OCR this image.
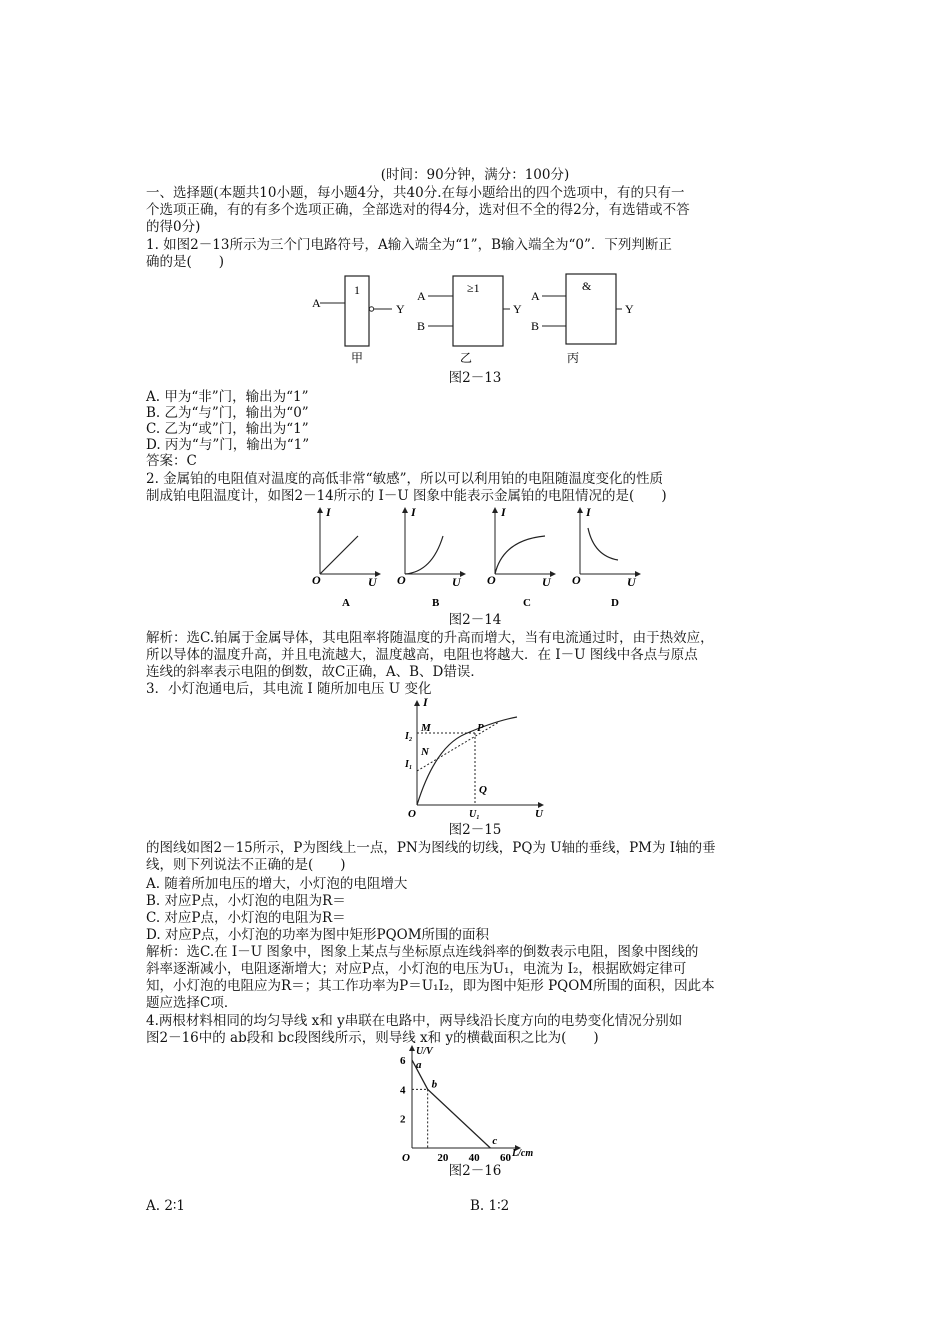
(时间：90分钟，满分：100分)
一、选择题(本题共10小题，每小题4分，共40分.在每小题给出的四个选项中，有的只有一
个选项正确，有的有多个选项正确，全部选对的得4分，选对但不全的得2分，有选错或不答
的得0分)
1. 如图2－13所示为三个门电路符号，A输入端全为“1”，B输入端全为“0”．下列判断正
确的是(　　)
1
A	Y
甲
≥1
A
B
Y
乙
&
A
B
Y
丙
图2－13
A. 甲为“非”门，输出为“1”
B. 乙为“与”门，输出为“0”
C. 乙为“或”门，输出为“1”
D. 丙为“与”门，输出为“1”
答案：C
2. 金属铂的电阻值对温度的高低非常“敏感”，所以可以利用铂的电阻随温度变化的性质
制成铂电阻温度计，如图2－14所示的 I－U 图象中能表示金属铂的电阻情况的是(　　)
I
O	U
A
I
O	U
B
I
O	U
C
I
O	U
D
图2－14
解析：选C.铂属于金属导体，其电阻率将随温度的升高而增大，当有电流通过时，由于热效应，
所以导体的温度升高，并且电流越大，温度越高，电阻也将越大．在 I－U 图线中各点与原点
连线的斜率表示电阻的倒数，故C正确，A、B、D错误．
3．小灯泡通电后，其电流 I 随所加电压 U 变化
I
I₂
I₁
M
N
P
Q
O	U₁	U
图2－15
的图线如图2－15所示，P为图线上一点，PN为图线的切线，PQ为 U轴的垂线，PM为 I轴的垂
线，则下列说法不正确的是(　　)
A. 随着所加电压的增大，小灯泡的电阻增大
B. 对应P点，小灯泡的电阻为R＝
C. 对应P点，小灯泡的电阻为R＝
D. 对应P点，小灯泡的功率为图中矩形PQOM所围的面积
解析：选C.在 I－U 图象中，图象上某点与坐标原点连线斜率的倒数表示电阻，图象中图线的
斜率逐渐减小，电阻逐渐增大；对应P点，小灯泡的电压为U₁，电流为 I₂，根据欧姆定律可
知，小灯泡的电阻应为R＝；其工作功率为P＝U₁I₂，即为图中矩形 PQOM所围的面积，因此本
题应选择C项．
4.两根材料相同的均匀导线 x和 y串联在电路中，两导线沿长度方向的电势变化情况分别如
图2－16中的 ab段和 bc段图线所示，则导线 x和 y的横截面积之比为(　　)
U/V
L/cm
O 20 40 60
2
4
6 a
b
c
图2－16
A. 2∶1	B. 1∶2
